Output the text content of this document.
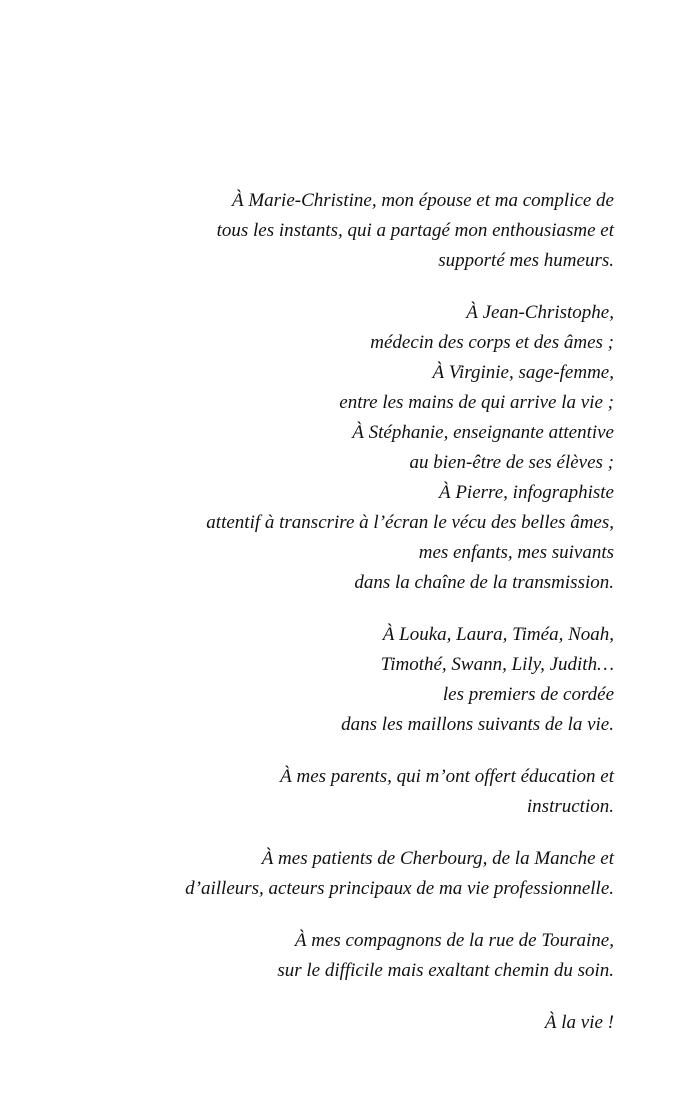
À Marie-Christine, mon épouse et ma complice de
tous les instants, qui a partagé mon enthousiasme et
supporté mes humeurs.
À Jean-Christophe,
médecin des corps et des âmes ;
À Virginie, sage-femme,
entre les mains de qui arrive la vie ;
À Stéphanie, enseignante attentive
au bien-être de ses élèves ;
À Pierre, infographiste
attentif à transcrire à l’écran le vécu des belles âmes,
mes enfants, mes suivants
dans la chaîne de la transmission.
À Louka, Laura, Timéa, Noah,
Timothé, Swann, Lily, Judith…
les premiers de cordée
dans les maillons suivants de la vie.
À mes parents, qui m’ont offert éducation et
instruction.
À mes patients de Cherbourg, de la Manche et
d’ailleurs, acteurs principaux de ma vie professionnelle.
À mes compagnons de la rue de Touraine,
sur le difficile mais exaltant chemin du soin.
À la vie !
